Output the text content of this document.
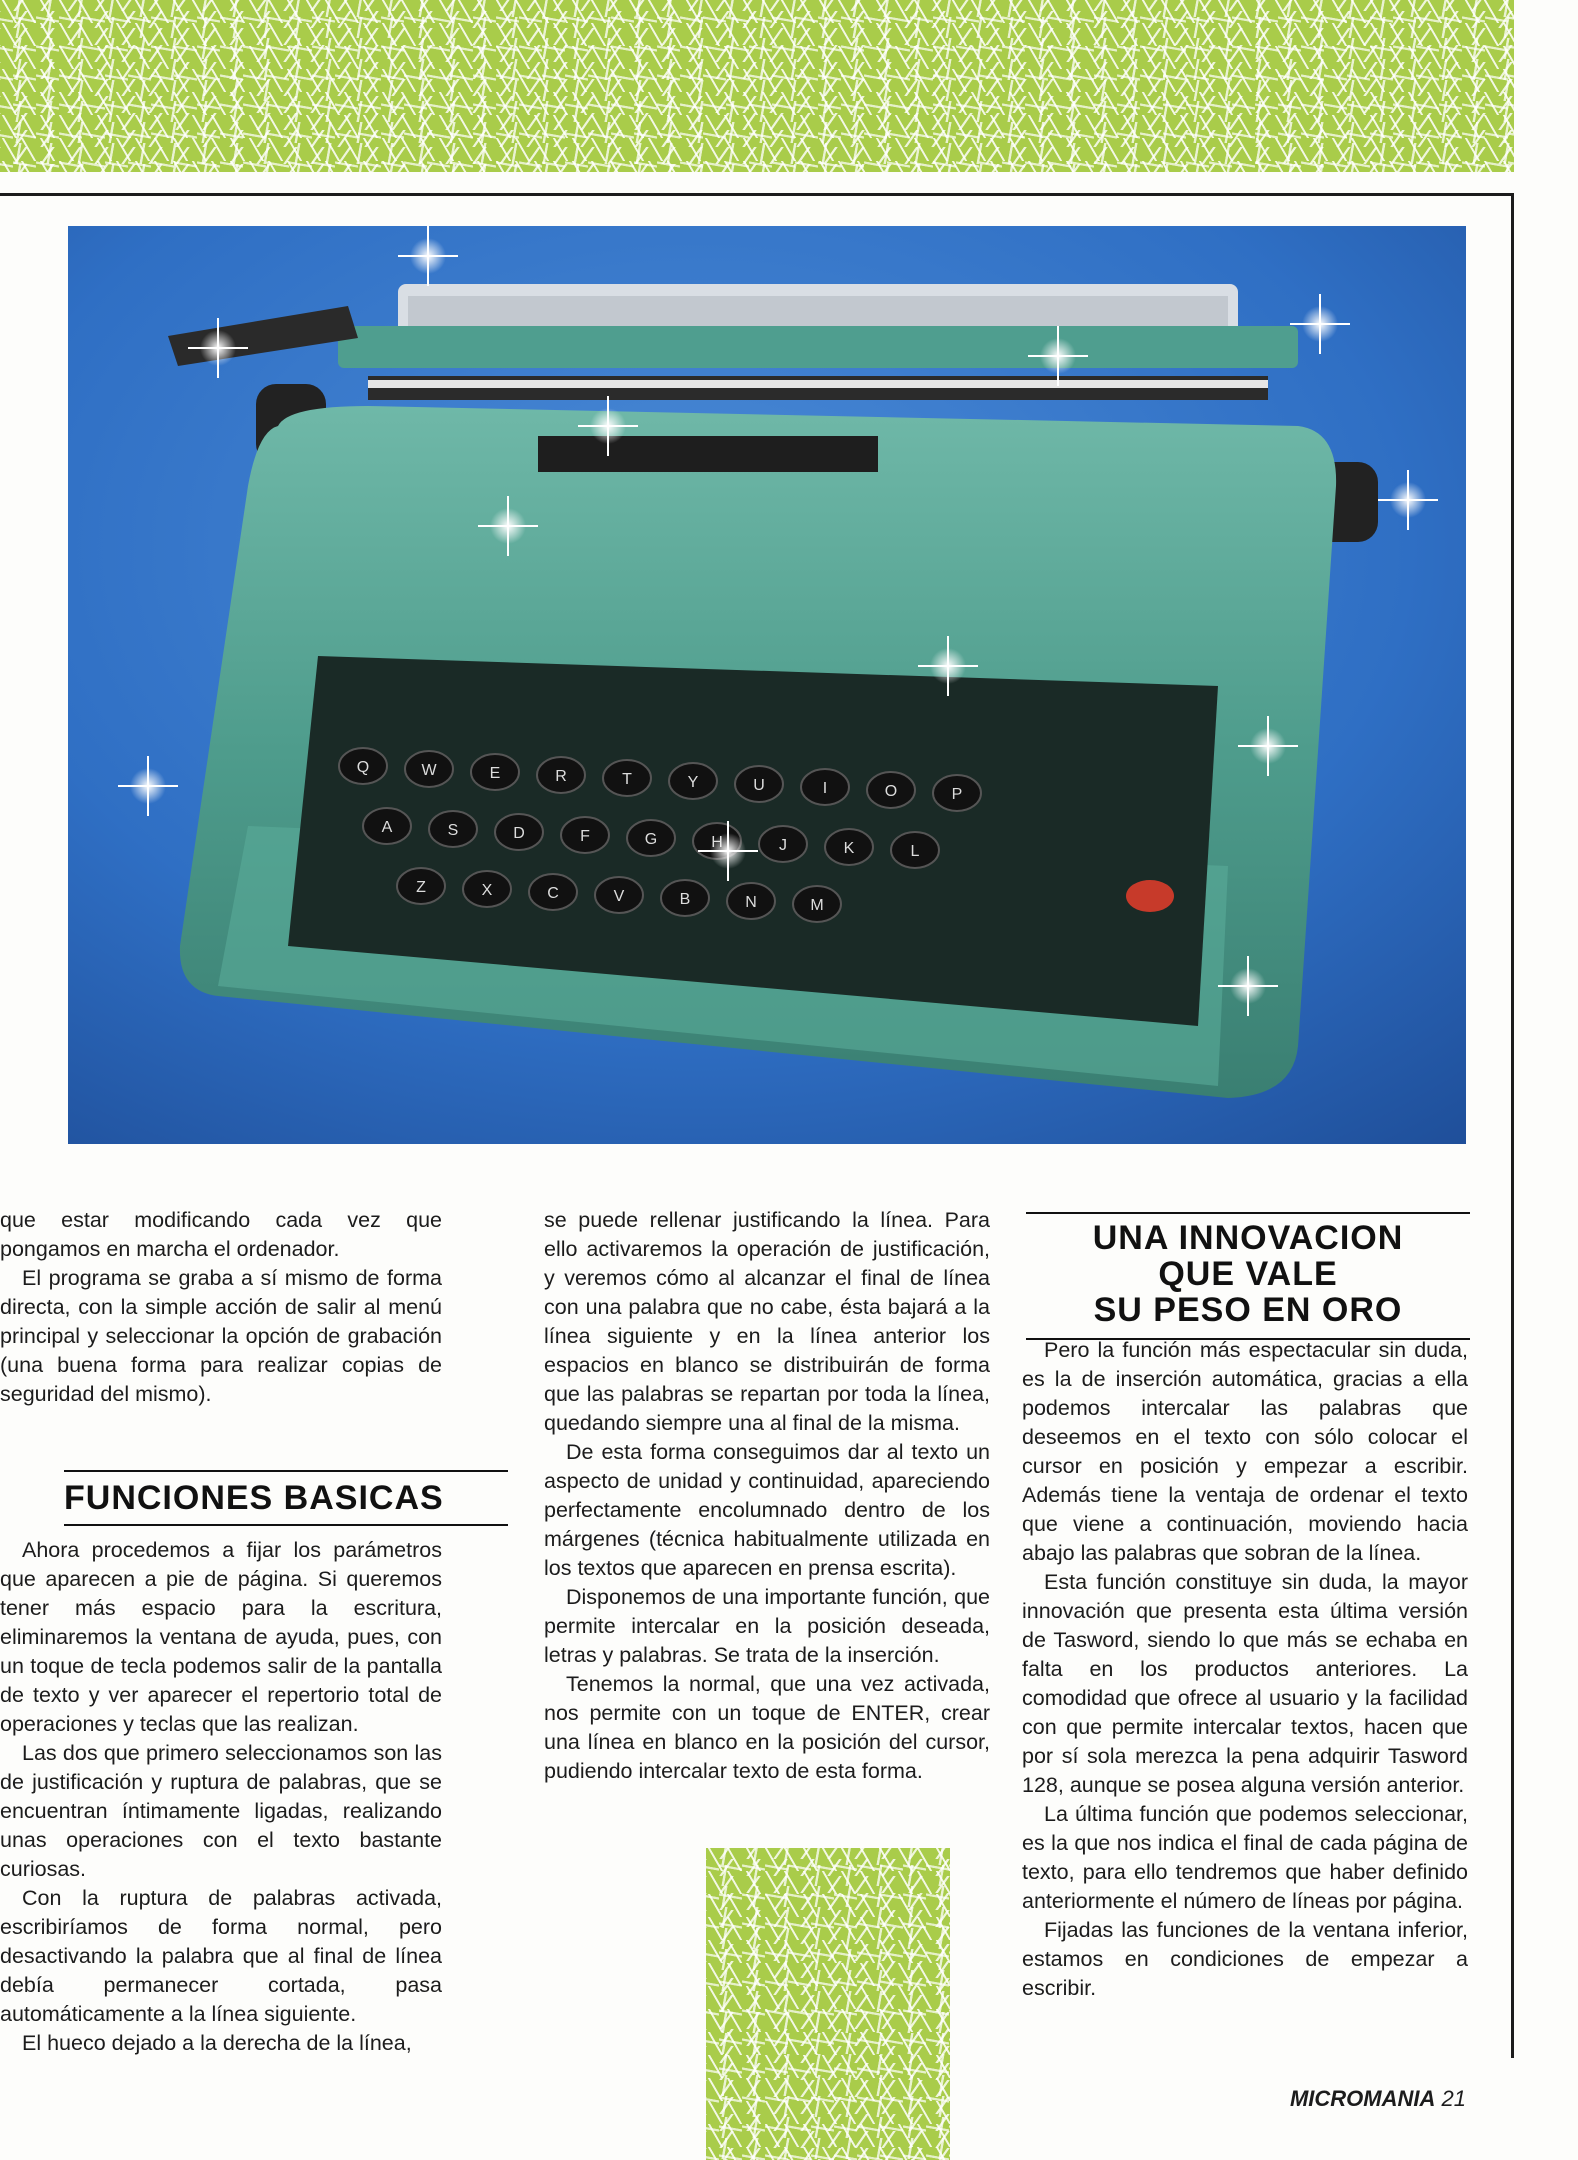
Q	W	E	R	T	Y	U	I	O	P
A	S	D	F	G	J	K	L
Z	X	C	V	B	N	M

que estar modificando cada vez que pongamos en marcha el ordenador.

El programa se graba a sí mismo de forma directa, con la simple acción de salir al menú principal y seleccionar la opción de grabación (una buena forma para realizar copias de seguridad del mismo).

Ahora procedemos a fijar los parámetros que aparecen a pie de página. Si queremos tener más espacio para la escritura, eliminaremos la ventana de ayuda, pues, con un toque de tecla podemos salir de la pantalla de texto y ver aparecer el repertorio total de operaciones y teclas que las realizan.

Las dos que primero seleccionamos son las de justificación y ruptura de palabras, que se encuentran íntimamente ligadas, realizando unas operaciones con el texto bastante curiosas.

Con la ruptura de palabras activada, escribiríamos de forma normal, pero desactivando la palabra que al final de línea debía permanecer cortada, pasa automáticamente a la línea siguiente.

El hueco dejado a la derecha de la línea,

FUNCIONES BASICAS

se puede rellenar justificando la línea. Para ello activaremos la operación de justificación, y veremos cómo al alcanzar el final de línea con una palabra que no cabe, ésta bajará a la línea siguiente y en la línea anterior los espacios en blanco se distribuirán de forma que las palabras se repartan por toda la línea, quedando siempre una al final de la misma.

De esta forma conseguimos dar al texto un aspecto de unidad y continuidad, apareciendo perfectamente encolumnado dentro de los márgenes (técnica habitualmente utilizada en los textos que aparecen en prensa escrita).

Disponemos de una importante función, que permite intercalar en la posición deseada, letras y palabras. Se trata de la inserción.

Tenemos la normal, que una vez activada, nos permite con un toque de ENTER, crear una línea en blanco en la posición del cursor, pudiendo intercalar texto de esta forma.

UNA INNOVACION
QUE VALE
SU PESO EN ORO

Pero la función más espectacular sin duda, es la de inserción automática, gracias a ella podemos intercalar las palabras que deseemos en el texto con sólo colocar el cursor en posición y empezar a escribir. Además tiene la ventaja de ordenar el texto que viene a continuación, moviendo hacia abajo las palabras que sobran de la línea.

Esta función constituye sin duda, la mayor innovación que presenta esta última versión de Tasword, siendo lo que más se echaba en falta en los productos anteriores. La comodidad que ofrece al usuario y la facilidad con que permite intercalar textos, hacen que por sí sola merezca la pena adquirir Tasword 128, aunque se posea alguna versión anterior.

La última función que podemos seleccionar, es la que nos indica el final de cada página de texto, para ello tendremos que haber definido anteriormente el número de líneas por página.

Fijadas las funciones de la ventana inferior, estamos en condiciones de empezar a escribir.

MICROMANIA 21
